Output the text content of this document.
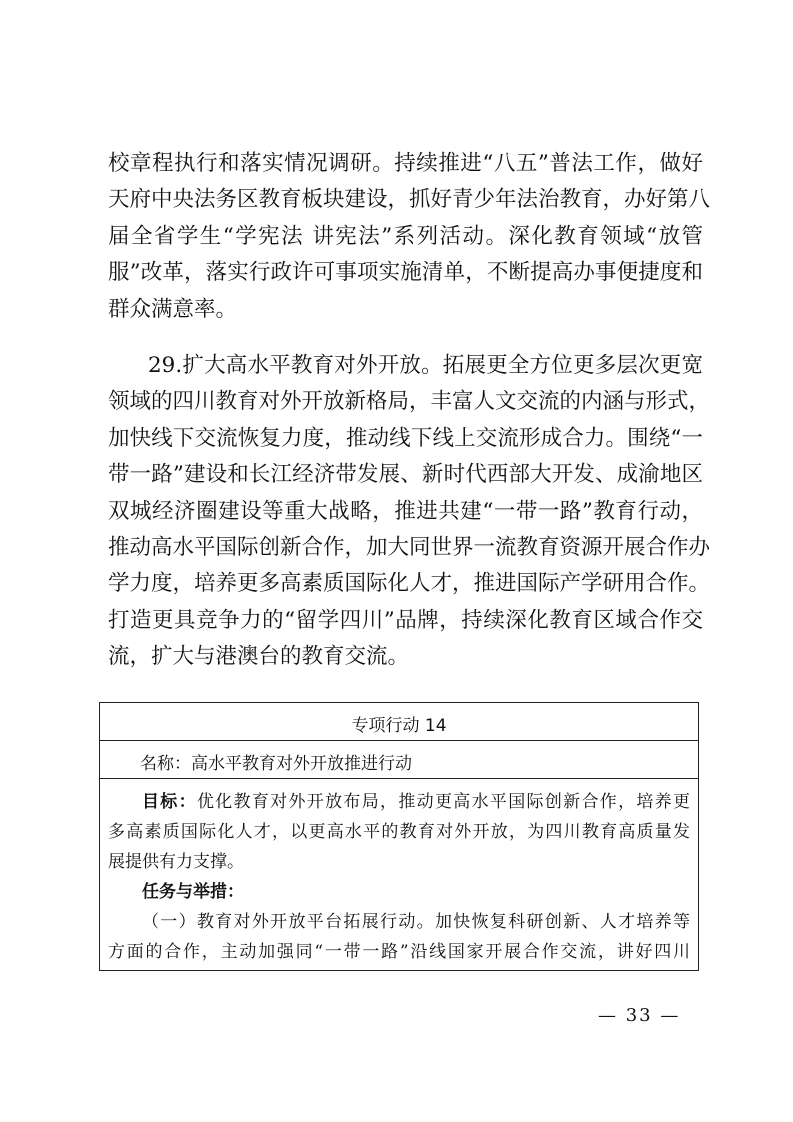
校章程执行和落实情况调研。持续推进“八五”普法工作，做好
天府中央法务区教育板块建设，抓好青少年法治教育，办好第八
届全省学生“学宪法 讲宪法”系列活动。深化教育领域“放管
服”改革，落实行政许可事项实施清单，不断提高办事便捷度和
群众满意率。
29.扩大高水平教育对外开放。拓展更全方位更多层次更宽
领域的四川教育对外开放新格局，丰富人文交流的内涵与形式，
加快线下交流恢复力度，推动线下线上交流形成合力。围绕“一
带一路”建设和长江经济带发展、新时代西部大开发、成渝地区
双城经济圈建设等重大战略，推进共建“一带一路”教育行动，
推动高水平国际创新合作，加大同世界一流教育资源开展合作办
学力度，培养更多高素质国际化人才，推进国际产学研用合作。
打造更具竞争力的“留学四川”品牌，持续深化教育区域合作交
流，扩大与港澳台的教育交流。
专项行动 14
名称：高水平教育对外开放推进行动
目标：优化教育对外开放布局，推动更高水平国际创新合作，培养更
多高素质国际化人才，以更高水平的教育对外开放，为四川教育高质量发
展提供有力支撑。
任务与举措：
（一）教育对外开放平台拓展行动。加快恢复科研创新、人才培养等
方面的合作，主动加强同“一带一路”沿线国家开展合作交流，讲好四川
— 33 —
